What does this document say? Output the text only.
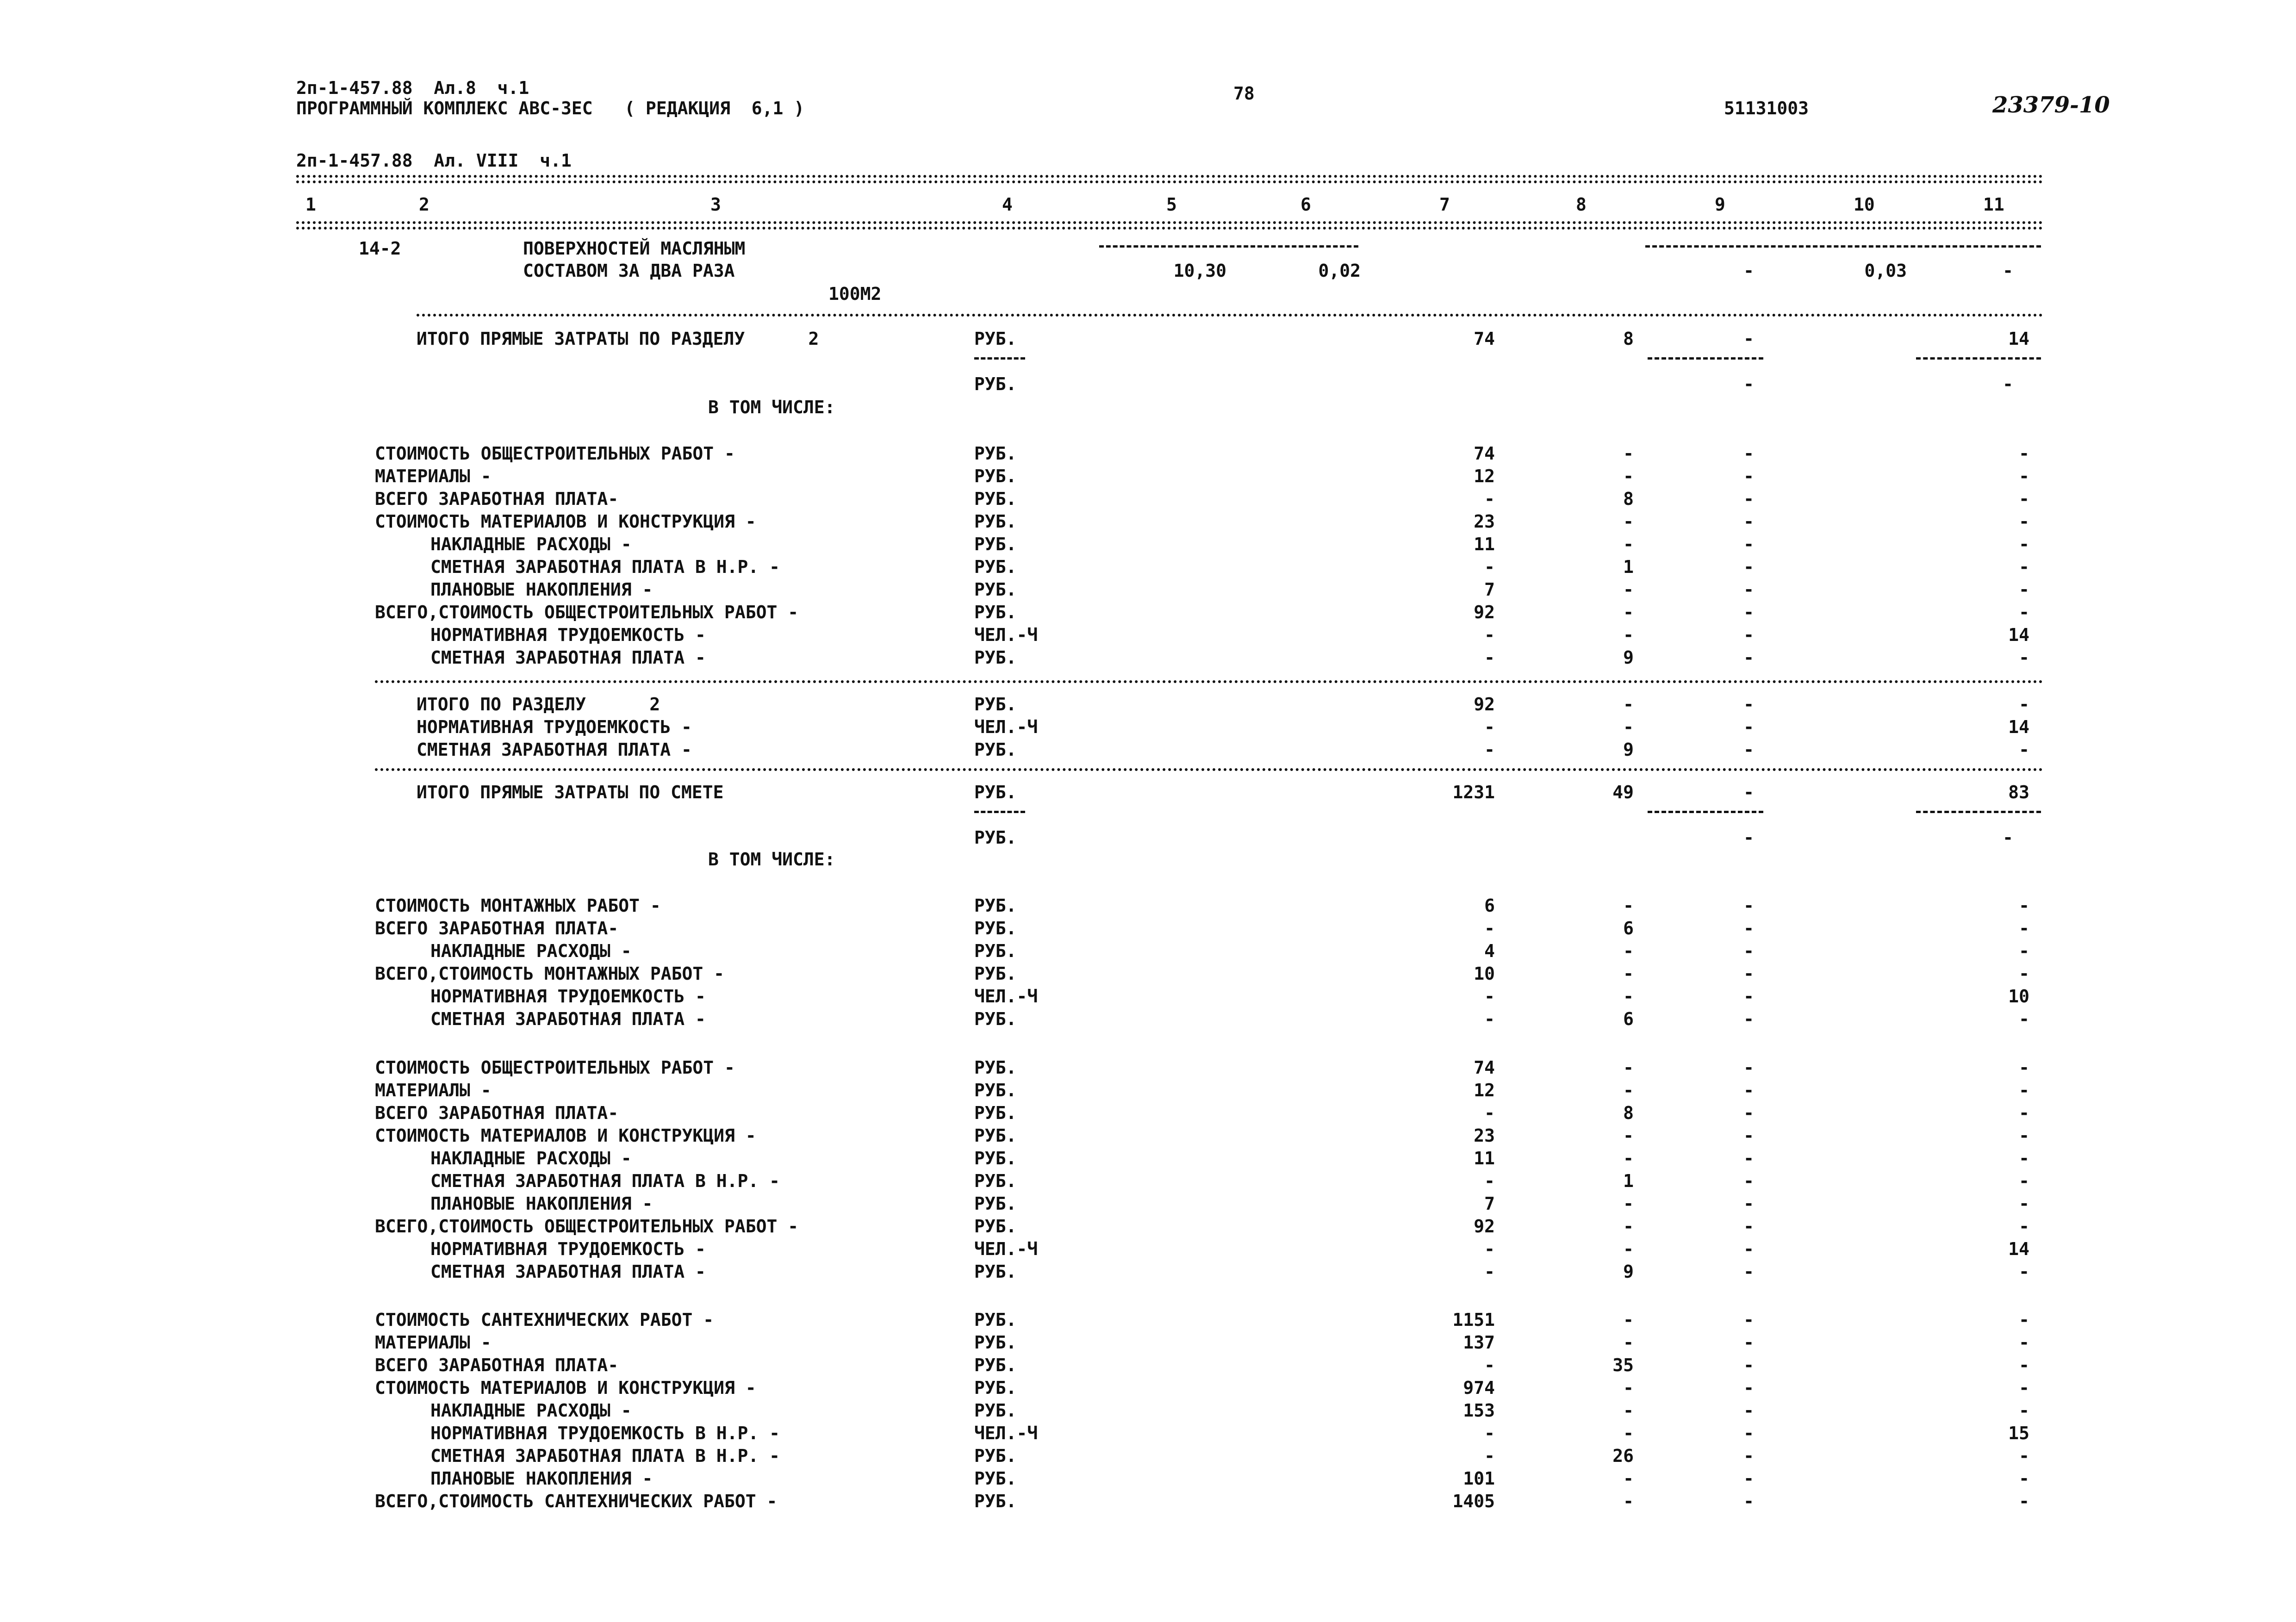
2п-1-457.88  Ал.8  ч.1
ПРОГРАММНЫЙ КОМПЛЕКС АВС-3ЕС   ( РЕДАКЦИЯ  6,1 )
78
51131003	23379-10
2п-1-457.88  Ал. VIII  ч.1
1	2	3	4	5	6	7	8	9	10	11
14-2	ПОВЕРХНОСТЕЙ МАСЛЯНЫМ
СОСТАВОМ ЗА ДВА РАЗА
100М2
10,30	0,02	-	0,03	-
ИТОГО ПРЯМЫЕ ЗАТРАТЫ ПО РАЗДЕЛУ      2	РУБ.	74	8	-	14
РУБ.	-	-
В ТОМ ЧИСЛЕ:
СТОИМОСТЬ ОБЩЕСТРОИТЕЛЬНЫХ РАБОТ -	РУБ.	74	-	-	-
МАТЕРИАЛЫ -	РУБ.	12	-	-	-
ВСЕГО ЗАРАБОТНАЯ ПЛАТА-	РУБ.	-	8	-	-
СТОИМОСТЬ МАТЕРИАЛОВ И КОНСТРУКЦИЯ -	РУБ.	23	-	-	-
НАКЛАДНЫЕ РАСХОДЫ -	РУБ.	11	-	-	-
СМЕТНАЯ ЗАРАБОТНАЯ ПЛАТА В Н.Р. -	РУБ.	-	1	-	-
ПЛАНОВЫЕ НАКОПЛЕНИЯ -	РУБ.	7	-	-	-
ВСЕГО,СТОИМОСТЬ ОБЩЕСТРОИТЕЛЬНЫХ РАБОТ -	РУБ.	92	-	-	-
НОРМАТИВНАЯ ТРУДОЕМКОСТЬ -	ЧЕЛ.-Ч	-	-	-	14
СМЕТНАЯ ЗАРАБОТНАЯ ПЛАТА -	РУБ.	-	9	-	-
ИТОГО ПО РАЗДЕЛУ      2	РУБ.	92	-	-	-
НОРМАТИВНАЯ ТРУДОЕМКОСТЬ -	ЧЕЛ.-Ч	-	-	-	14
СМЕТНАЯ ЗАРАБОТНАЯ ПЛАТА -	РУБ.	-	9	-	-
ИТОГО ПРЯМЫЕ ЗАТРАТЫ ПО СМЕТЕ	РУБ.	1231	49	-	83
РУБ.	-	-
В ТОМ ЧИСЛЕ:
СТОИМОСТЬ МОНТАЖНЫХ РАБОТ -	РУБ.	6	-	-	-
ВСЕГО ЗАРАБОТНАЯ ПЛАТА-	РУБ.	-	6	-	-
НАКЛАДНЫЕ РАСХОДЫ -	РУБ.	4	-	-	-
ВСЕГО,СТОИМОСТЬ МОНТАЖНЫХ РАБОТ -	РУБ.	10	-	-	-
НОРМАТИВНАЯ ТРУДОЕМКОСТЬ -	ЧЕЛ.-Ч	-	-	-	10
СМЕТНАЯ ЗАРАБОТНАЯ ПЛАТА -	РУБ.	-	6	-	-
СТОИМОСТЬ ОБЩЕСТРОИТЕЛЬНЫХ РАБОТ -	РУБ.	74	-	-	-
МАТЕРИАЛЫ -	РУБ.	12	-	-	-
ВСЕГО ЗАРАБОТНАЯ ПЛАТА-	РУБ.	-	8	-	-
СТОИМОСТЬ МАТЕРИАЛОВ И КОНСТРУКЦИЯ -	РУБ.	23	-	-	-
НАКЛАДНЫЕ РАСХОДЫ -	РУБ.	11	-	-	-
СМЕТНАЯ ЗАРАБОТНАЯ ПЛАТА В Н.Р. -	РУБ.	-	1	-	-
ПЛАНОВЫЕ НАКОПЛЕНИЯ -	РУБ.	7	-	-	-
ВСЕГО,СТОИМОСТЬ ОБЩЕСТРОИТЕЛЬНЫХ РАБОТ -	РУБ.	92	-	-	-
НОРМАТИВНАЯ ТРУДОЕМКОСТЬ -	ЧЕЛ.-Ч	-	-	-	14
СМЕТНАЯ ЗАРАБОТНАЯ ПЛАТА -	РУБ.	-	9	-	-
СТОИМОСТЬ САНТЕХНИЧЕСКИХ РАБОТ -	РУБ.	1151	-	-	-
МАТЕРИАЛЫ -	РУБ.	137	-	-	-
ВСЕГО ЗАРАБОТНАЯ ПЛАТА-	РУБ.	-	35	-	-
СТОИМОСТЬ МАТЕРИАЛОВ И КОНСТРУКЦИЯ -	РУБ.	974	-	-	-
НАКЛАДНЫЕ РАСХОДЫ -	РУБ.	153	-	-	-
НОРМАТИВНАЯ ТРУДОЕМКОСТЬ В Н.Р. -	ЧЕЛ.-Ч	-	-	-	15
СМЕТНАЯ ЗАРАБОТНАЯ ПЛАТА В Н.Р. -	РУБ.	-	26	-	-
ПЛАНОВЫЕ НАКОПЛЕНИЯ -	РУБ.	101	-	-	-
ВСЕГО,СТОИМОСТЬ САНТЕХНИЧЕСКИХ РАБОТ -	РУБ.	1405	-	-	-
